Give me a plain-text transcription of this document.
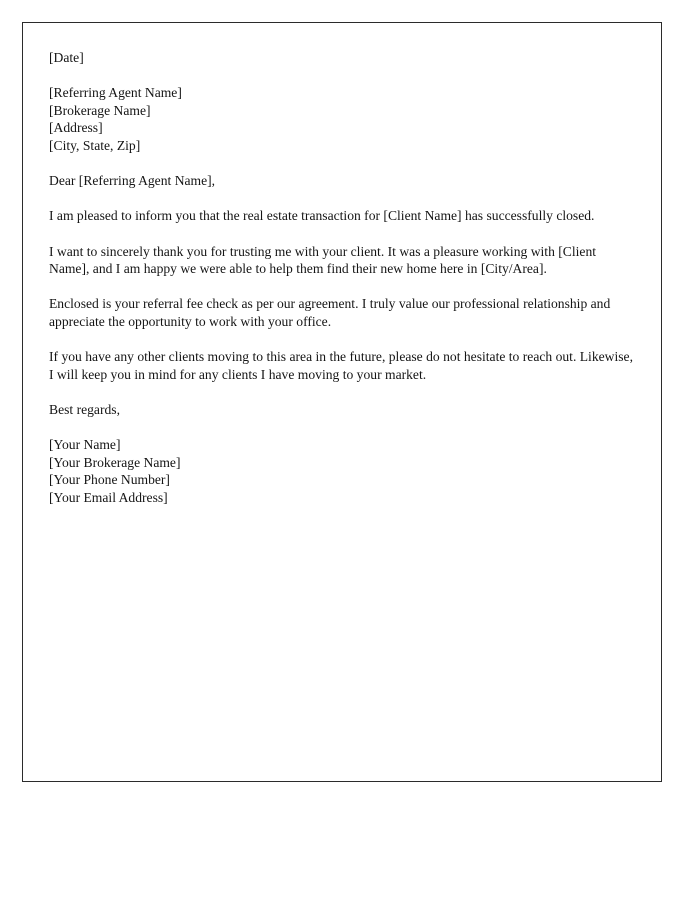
[Date]
[Referring Agent Name]
[Brokerage Name]
[Address]
[City, State, Zip]
Dear [Referring Agent Name],
I am pleased to inform you that the real estate transaction for [Client Name] has successfully closed.
I want to sincerely thank you for trusting me with your client. It was a pleasure working with [Client Name], and I am happy we were able to help them find their new home here in [City/Area].
Enclosed is your referral fee check as per our agreement. I truly value our professional relationship and appreciate the opportunity to work with your office.
If you have any other clients moving to this area in the future, please do not hesitate to reach out. Likewise, I will keep you in mind for any clients I have moving to your market.
Best regards,
[Your Name]
[Your Brokerage Name]
[Your Phone Number]
[Your Email Address]
